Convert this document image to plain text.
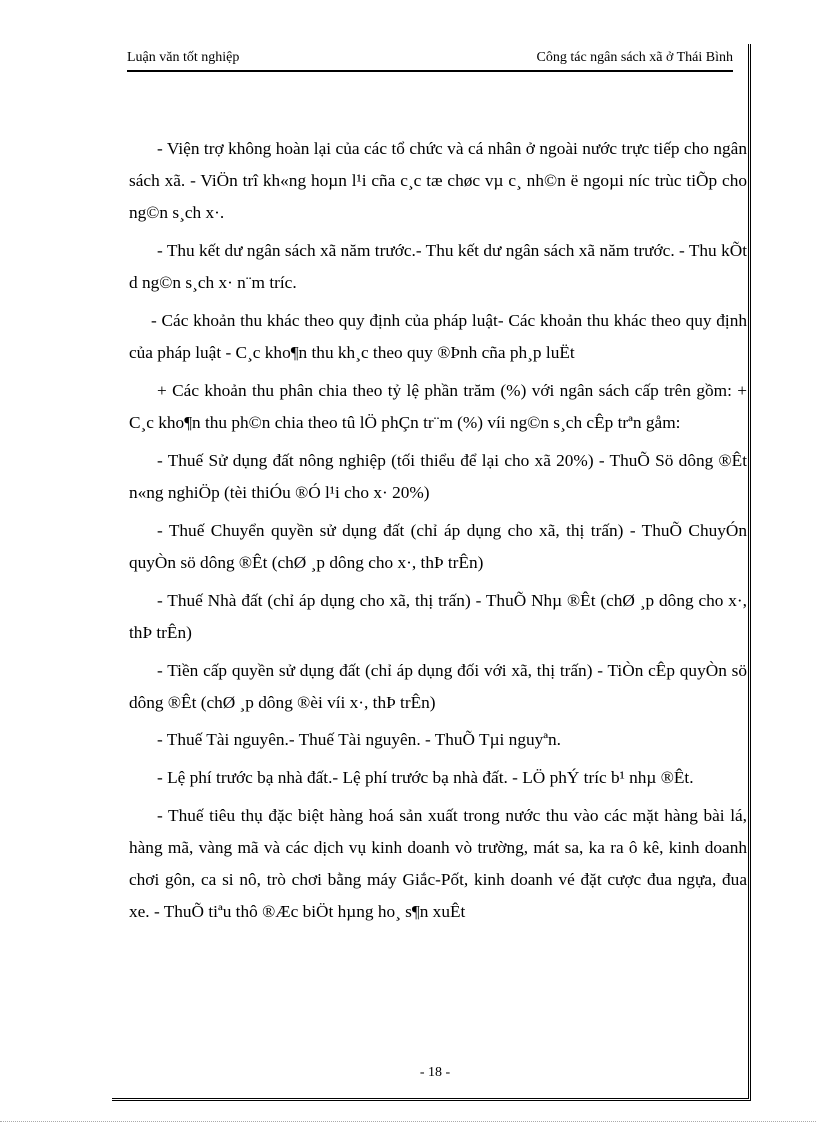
Luận văn tốt nghiệp	Công tác ngân sách xã ở Thái Bình

- Viện trợ không hoàn lại của các tổ chức và cá nhân ở ngoài nước trực tiếp cho ngân sách xã. - ViÖn trî kh«ng hoµn l¹i cña c¸c tæ chøc vµ c¸ nh©n ë ngoµi níc trùc tiÕp cho ng©n s¸ch x·.

- Thu kết dư ngân sách xã năm trước.- Thu kết dư ngân sách xã năm trước. - Thu kÕt d ng©n s¸ch x· n¨m tríc.

- Các khoản thu khác theo quy định của pháp luật- Các khoản thu khác theo quy định của pháp luật - C¸c kho¶n thu kh¸c theo quy ®Þnh cña ph¸p luËt

+ Các khoản thu phân chia theo tỷ lệ phần trăm (%) với ngân sách cấp trên gồm: + C¸c kho¶n thu ph©n chia theo tû lÖ phÇn tr¨m (%) víi ng©n s¸ch cÊp trªn gåm:

- Thuế Sử dụng đất nông nghiệp (tối thiểu để lại cho xã 20%) - ThuÕ Sö dông ®Êt n«ng nghiÖp (tèi thiÓu ®Ó l¹i cho x· 20%)

- Thuế Chuyển quyền sử dụng đất (chỉ áp dụng cho xã, thị trấn) - ThuÕ ChuyÓn quyÒn sö dông ®Êt (chØ ¸p dông cho x·, thÞ trÊn)

- Thuế Nhà đất (chỉ áp dụng cho xã, thị trấn) - ThuÕ Nhµ ®Êt (chØ ¸p dông cho x·, thÞ trÊn)

- Tiền cấp quyền sử dụng đất (chỉ áp dụng đối với xã, thị trấn) - TiÒn cÊp quyÒn sö dông ®Êt (chØ ¸p dông ®èi víi x·, thÞ trÊn)

- Thuế Tài nguyên.- Thuế Tài nguyên. - ThuÕ Tµi nguyªn.

- Lệ phí trước bạ nhà đất.- Lệ phí trước bạ nhà đất. - LÖ phÝ tríc b¹ nhµ ®Êt.

- Thuế tiêu thụ đặc biệt hàng hoá sản xuất trong nước thu vào các mặt hàng bài lá, hàng mã, vàng mã và các dịch vụ kinh doanh vò trường, mát sa, ka ra ô kê, kinh doanh chơi gôn, ca si nô, trò chơi bằng máy Giắc-Pốt, kinh doanh vé đặt cược đua ngựa, đua xe. - ThuÕ tiªu thô ®Æc biÖt hµng ho¸ s¶n xuÊt

- 18 -
